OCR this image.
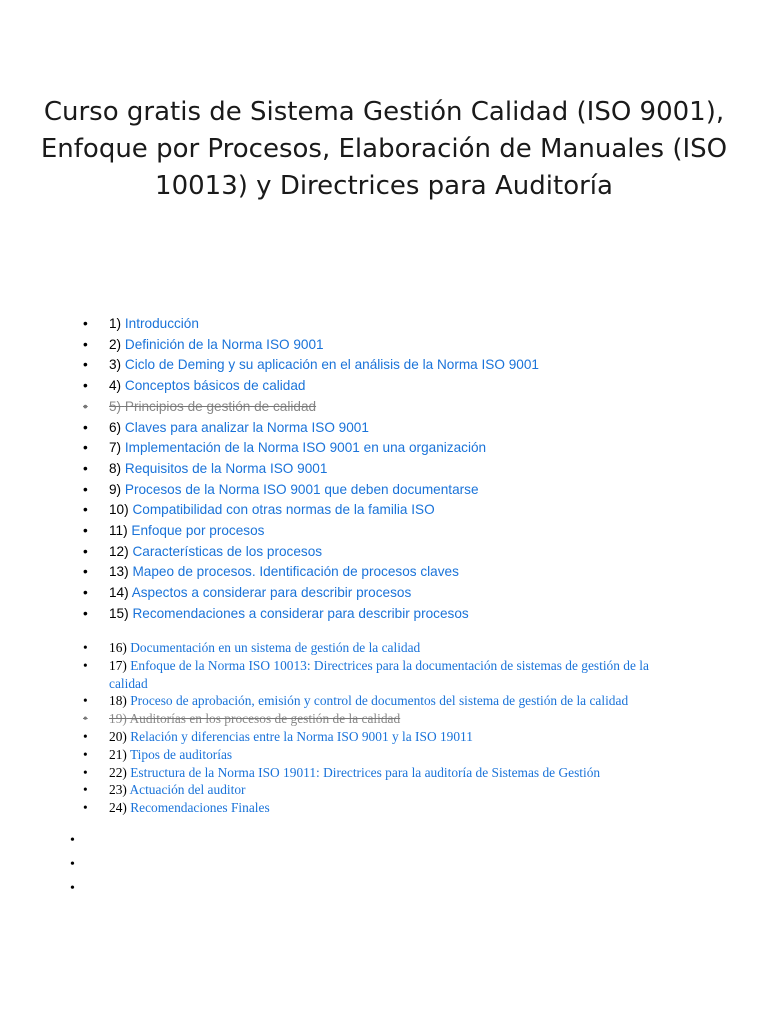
Curso gratis de Sistema Gestión Calidad (ISO 9001), Enfoque por Procesos, Elaboración de Manuales (ISO 10013) y Directrices para Auditoría
• 1) Introducción
• 2) Definición de la Norma ISO 9001
• 3) Ciclo de Deming y su aplicación en el análisis de la Norma ISO 9001
• 4) Conceptos básicos de calidad
• 5) Principios de gestión de calidad
• 6) Claves para analizar la Norma ISO 9001
• 7) Implementación de la Norma ISO 9001 en una organización
• 8) Requisitos de la Norma ISO 9001
• 9) Procesos de la Norma ISO 9001 que deben documentarse
• 10) Compatibilidad con otras normas de la familia ISO
• 11) Enfoque por procesos
• 12) Características de los procesos
• 13) Mapeo de procesos. Identificación de procesos claves
• 14) Aspectos a considerar para describir procesos
• 15) Recomendaciones a considerar para describir procesos
• 16) Documentación en un sistema de gestión de la calidad
• 17) Enfoque de la Norma ISO 10013: Directrices para la documentación de sistemas de gestión de la calidad
• 18) Proceso de aprobación, emisión y control de documentos del sistema de gestión de la calidad
• 19) Auditorías en los procesos de gestión de la calidad
• 20) Relación y diferencias entre la Norma ISO 9001 y la ISO 19011
• 21) Tipos de auditorías
• 22) Estructura de la Norma ISO 19011: Directrices para la auditoría de Sistemas de Gestión
• 23) Actuación del auditor
• 24) Recomendaciones Finales
•
•
•
